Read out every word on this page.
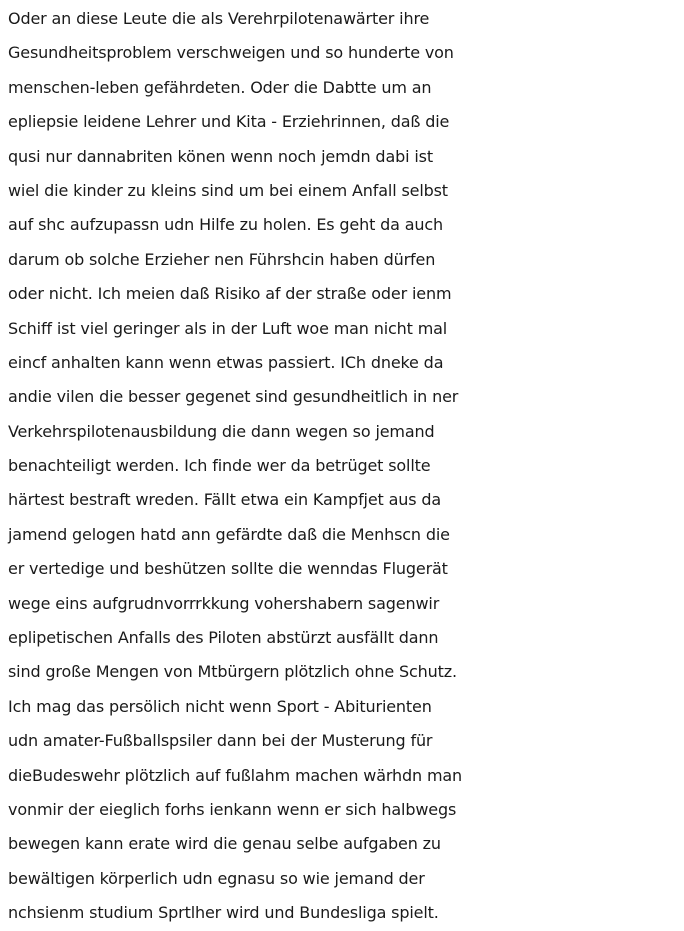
Oder an diese Leute die als Verehrpilotenawärter ihre
Gesundheitsproblem verschweigen und so hunderte von
menschen-leben gefährdeten. Oder die Dabtte um an
epliepsie leidene Lehrer und Kita - Erziehrinnen, daß die
qusi nur dannabriten könen wenn noch jemdn dabi ist
wiel die kinder zu kleins sind um bei einem Anfall selbst
auf shc aufzupassn udn Hilfe zu holen. Es geht da auch
darum ob solche Erzieher nen Führshcin haben dürfen
oder nicht. Ich meien daß Risiko af der straße oder ienm
Schiff ist viel geringer als in der Luft woe man nicht mal
eincf anhalten kann wenn etwas passiert. ICh dneke da
andie vilen die besser gegenet sind gesundheitlich in ner
Verkehrspilotenausbildung die dann wegen so jemand
benachteiligt werden. Ich finde wer da betrüget sollte
härtest bestraft wreden. Fällt etwa ein Kampfjet aus da
jamend gelogen hatd ann gefärdte daß die Menhscn die
er vertedige und beshützen sollte die wenndas Flugerät
wege eins aufgrudnvorrrkkung vohershabern sagenwir
eplipetischen Anfalls des Piloten abstürzt ausfällt dann
sind große Mengen von Mtbürgern plötzlich ohne Schutz.
Ich mag das persölich nicht wenn Sport - Abiturienten
udn amater-Fußballspsiler dann bei der Musterung für
dieBudeswehr plötzlich auf fußlahm machen wärhdn man
vonmir der eieglich forhs ienkann wenn er sich halbwegs
bewegen kann erate wird die genau selbe aufgaben zu
bewältigen körperlich udn egnasu so wie jemand der
nchsienm studium Sprtlher wird und Bundesliga spielt.
